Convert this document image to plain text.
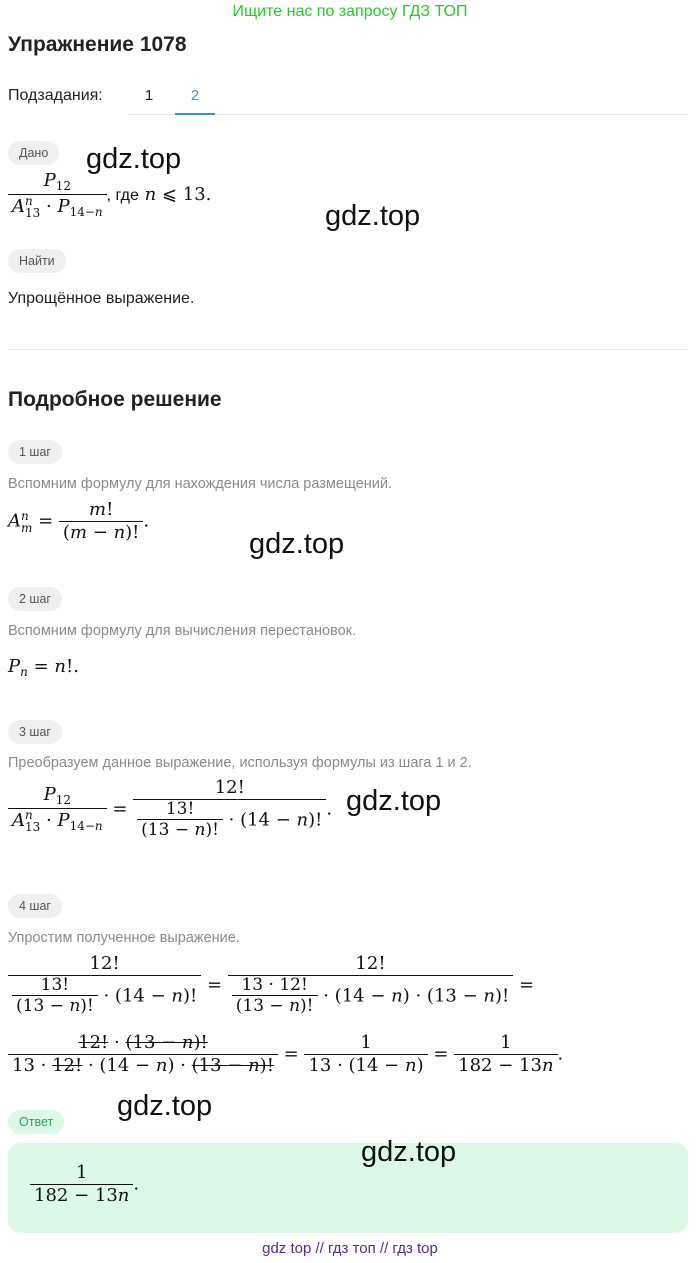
Ищите нас по запросу ГДЗ ТОП
Упражнение 1078
Подзадания:	1	2
Дано
$P_{12}$
A n
$13 \cdot P_{14-n}$ , где n ⩽ 13.
Найти
Упрощённое выражение.
Подробное решение
1 шаг
Вспомним формулу для нахождения числа размещений.
A n
$m = \frac{m!}{(m - n)!}$ .
2 шаг
Вспомним формулу для вычисления перестановок.
$P_n = n$!.
3 шаг
Преобразуем данное выражение, используя формулы из шага 1 и 2.
$P_{12}$
A n
$13 \cdot P_{14-n} = \frac{12!}{\frac{13!}{(13 - n)!} \cdot (14 - n)!}$ .
4 шаг
Упростим полученное выражение.
$\frac{12!}{\frac{13!}{(13 - n)!} \cdot (14 - n)!} = \frac{12!}{\frac{13 \cdot 12!}{(13 - n)!} \cdot (14 - n) \cdot (13 - n)!}$ =
$\frac{12! \cdot (13 - n)!}{13 \cdot 12! \cdot (14 - n) \cdot (13 - n)!} = \frac{1}{13 \cdot (14 - n)} = \frac{1}{182 - 13n}$ .
Ответ
$\frac{1}{182 - 13n}$ .
gdz.top
gdz.top
gdz.top
gdz.top
gdz.top
gdz.top
gdz top // гдз топ // гдз top
